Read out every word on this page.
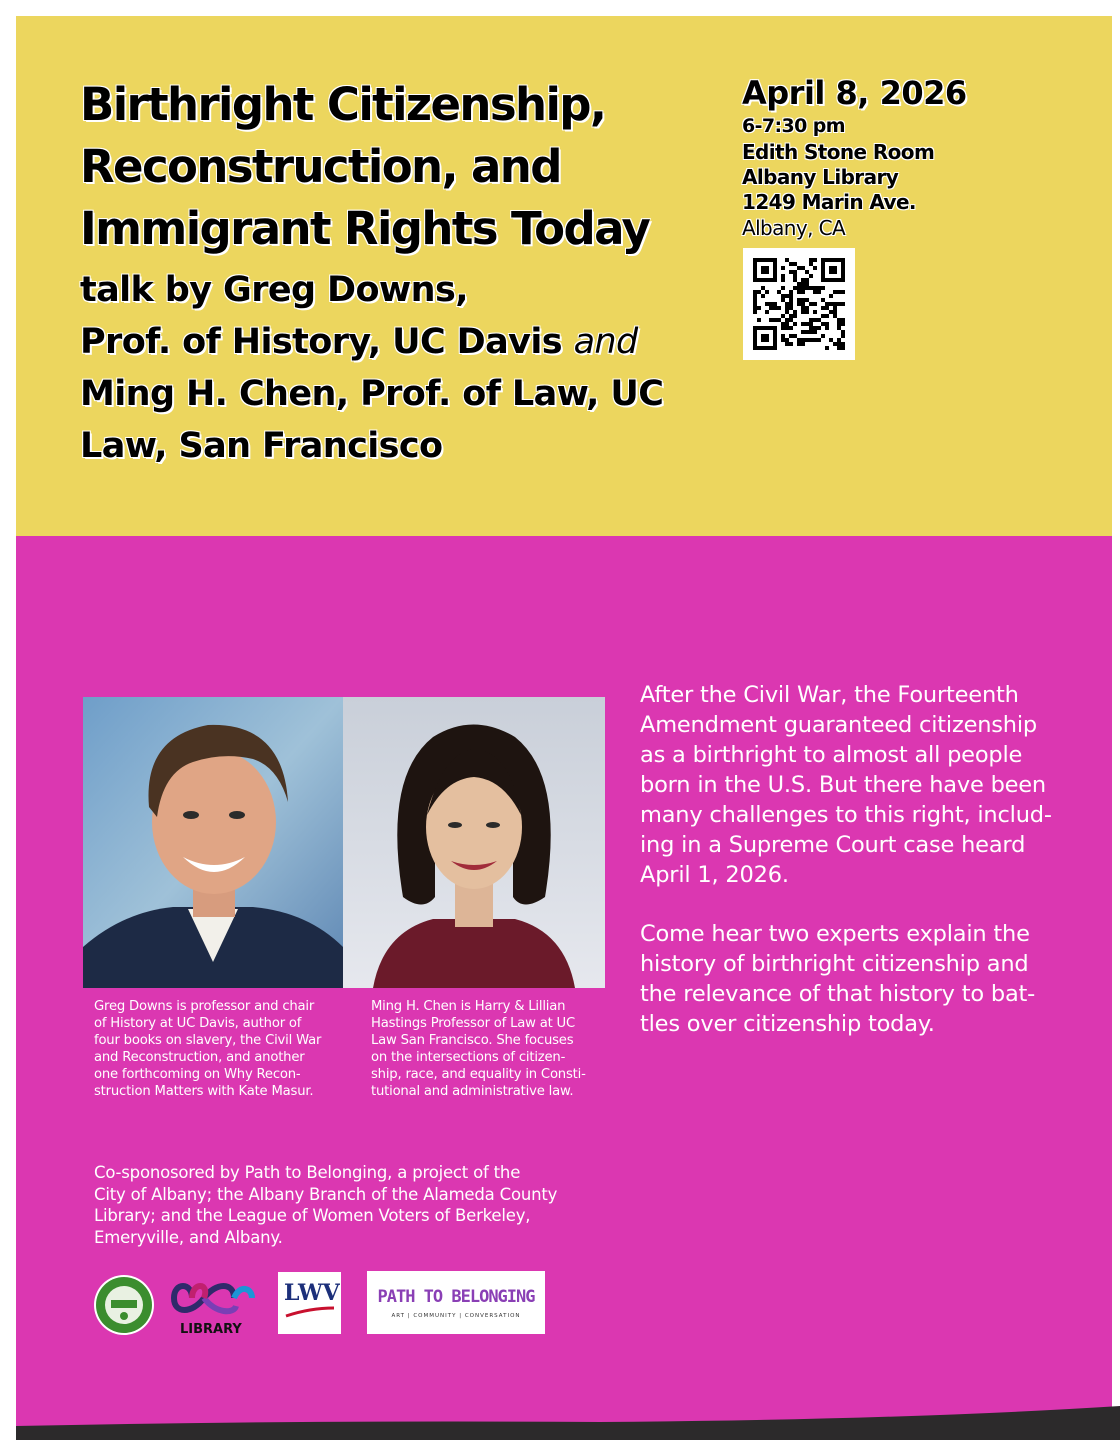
Birthright Citizenship,
Reconstruction, and
Immigrant Rights Today
talk by Greg Downs,
Prof. of History, UC Davis and
Ming H. Chen, Prof. of Law, UC
Law, San Francisco
April 8, 2026
6-7:30 pm
Edith Stone Room
Albany Library
1249 Marin Ave.
Albany, CA
Greg Downs is professor and chair
of History at UC Davis, author of
four books on slavery, the Civil War
and Reconstruction, and another
one forthcoming on Why Recon-
struction Matters with Kate Masur.
Ming H. Chen is Harry & Lillian
Hastings Professor of Law at UC
Law San Francisco. She focuses
on the intersections of citizen-
ship, race, and equality in Consti-
tutional and administrative law.

After the Civil War, the Fourteenth
Amendment guaranteed citizenship
as a birthright to almost all people
born in the U.S. But there have been
many challenges to this right, includ-
ing in a Supreme Court case heard
April 1, 2026.

Come hear two experts explain the
history of birthright citizenship and
the relevance of that history to bat-
tles over citizenship today.

Co-sponosored by Path to Belonging, a project of the
City of Albany; the Albany Branch of the Alameda County
Library; and the League of Women Voters of Berkeley,
Emeryville, and Albany.

LIBRARY
LWV PATH TO BELONGING
ART | COMMUNITY | CONVERSATION
